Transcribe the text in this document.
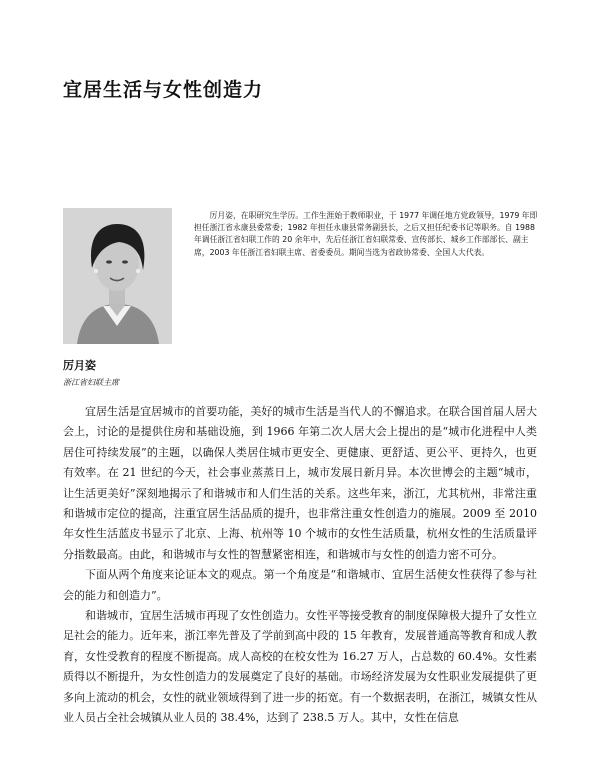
宜居生活与女性创造力

厉月姿，在职研究生学历。工作生涯始于教师职业，于 1977 年调任地方党政领导，1979 年即担任浙江省永康县委常委；1982 年担任永康县常务副县长，之后又担任纪委书记等职务。自 1988 年调任浙江省妇联工作的 20 余年中，先后任浙江省妇联常委、宣传部长、城乡工作部部长、副主席，2003 年任浙江省妇联主席、省委委员。期间当选为省政协常委、全国人大代表。

厉月姿

浙江省妇联主席

宜居生活是宜居城市的首要功能，美好的城市生活是当代人的不懈追求。在联合国首届人居大会上，讨论的是提供住房和基础设施，到 1966 年第二次人居大会上提出的是“城市化进程中人类居住可持续发展”的主题，以确保人类居住城市更安全、更健康、更舒适、更公平、更持久，也更有效率。在 21 世纪的今天，社会事业蒸蒸日上，城市发展日新月异。本次世博会的主题“城市，让生活更美好”深刻地揭示了和谐城市和人们生活的关系。这些年来，浙江，尤其杭州，非常注重和谐城市定位的提高，注重宜居生活品质的提升，也非常注重女性创造力的施展。2009 至 2010 年女性生活蓝皮书显示了北京、上海、杭州等 10 个城市的女性生活质量，杭州女性的生活质量评分指数最高。由此，和谐城市与女性的智慧紧密相连，和谐城市与女性的创造力密不可分。

下面从两个角度来论证本文的观点。第一个角度是“和谐城市、宜居生活使女性获得了参与社会的能力和创造力”。

和谐城市，宜居生活城市再现了女性创造力。女性平等接受教育的制度保障极大提升了女性立足社会的能力。近年来，浙江率先普及了学前到高中段的 15 年教育，发展普通高等教育和成人教育，女性受教育的程度不断提高。成人高校的在校女性为 16.27 万人，占总数的 60.4%。女性素质得以不断提升，为女性创造力的发展奠定了良好的基础。市场经济发展为女性职业发展提供了更多向上流动的机会，女性的就业领域得到了进一步的拓宽。有一个数据表明，在浙江，城镇女性从业人员占全社会城镇从业人员的 38.4%，达到了 238.5 万人。其中，女性在信息
